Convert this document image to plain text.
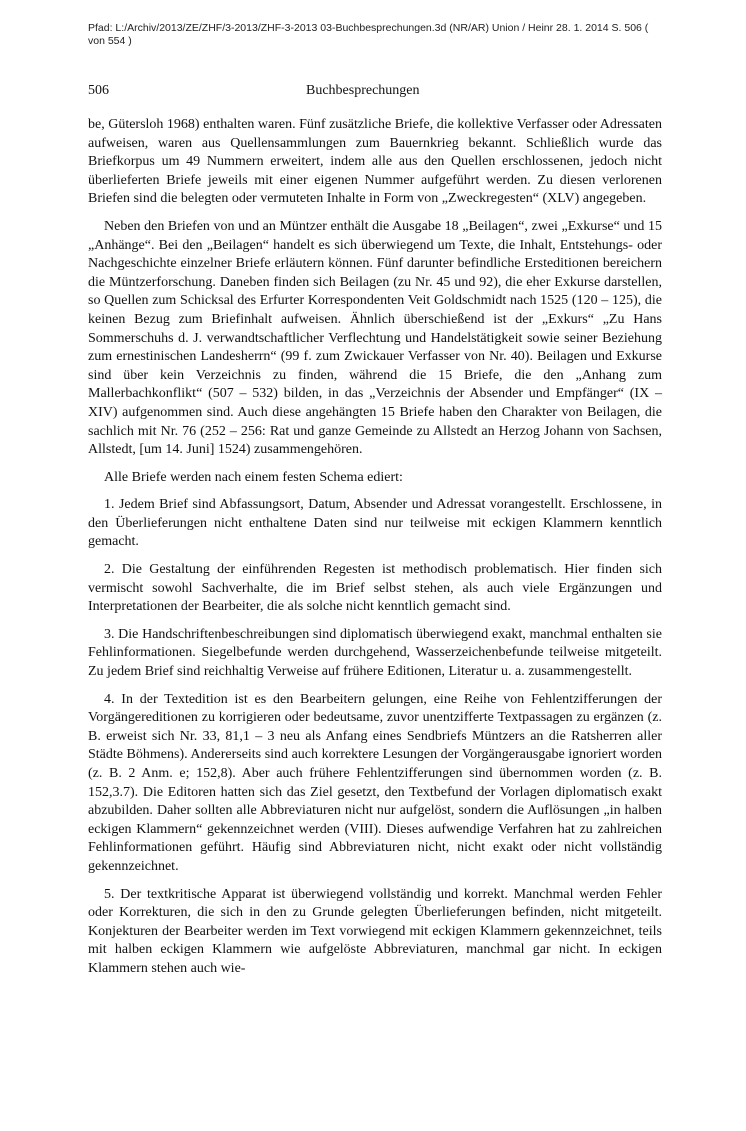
Pfad: L:/Archiv/2013/ZE/ZHF/3-2013/ZHF-3-2013 03-Buchbesprechungen.3d (NR/AR) Union / Heinr 28. 1. 2014 S. 506 ( von 554 )
506	Buchbesprechungen

be, Gütersloh 1968) enthalten waren. Fünf zusätzliche Briefe, die kollektive Verfasser oder Adressaten aufweisen, waren aus Quellensammlungen zum Bauernkrieg bekannt. Schließlich wurde das Briefkorpus um 49 Nummern erweitert, indem alle aus den Quellen erschlossenen, jedoch nicht überlieferten Briefe jeweils mit einer eigenen Nummer aufgeführt werden. Zu diesen verlorenen Briefen sind die belegten oder vermuteten Inhalte in Form von „Zweckregesten“ (XLV) angegeben.

Neben den Briefen von und an Müntzer enthält die Ausgabe 18 „Beilagen“, zwei „Exkurse“ und 15 „Anhänge“. Bei den „Beilagen“ handelt es sich überwiegend um Texte, die Inhalt, Entstehungs- oder Nachgeschichte einzelner Briefe erläutern können. Fünf darunter befindliche Ersteditionen bereichern die Müntzerforschung. Daneben finden sich Beilagen (zu Nr. 45 und 92), die eher Exkurse darstellen, so Quellen zum Schicksal des Erfurter Korrespondenten Veit Goldschmidt nach 1525 (120 – 125), die keinen Bezug zum Briefinhalt aufweisen. Ähnlich überschießend ist der „Exkurs“ „Zu Hans Sommerschuhs d. J. verwandtschaftlicher Verflechtung und Handelstätigkeit sowie seiner Beziehung zum ernestinischen Landesherrn“ (99 f. zum Zwickauer Verfasser von Nr. 40). Beilagen und Exkurse sind über kein Verzeichnis zu finden, während die 15 Briefe, die den „Anhang zum Mallerbachkonflikt“ (507 – 532) bilden, in das „Verzeichnis der Absender und Empfänger“ (IX – XIV) aufgenommen sind. Auch diese angehängten 15 Briefe haben den Charakter von Beilagen, die sachlich mit Nr. 76 (252 – 256: Rat und ganze Gemeinde zu Allstedt an Herzog Johann von Sachsen, Allstedt, [um 14. Juni] 1524) zusammengehören.

Alle Briefe werden nach einem festen Schema ediert:

1. Jedem Brief sind Abfassungsort, Datum, Absender und Adressat vorangestellt. Erschlossene, in den Überlieferungen nicht enthaltene Daten sind nur teilweise mit eckigen Klammern kenntlich gemacht.

2. Die Gestaltung der einführenden Regesten ist methodisch problematisch. Hier finden sich vermischt sowohl Sachverhalte, die im Brief selbst stehen, als auch viele Ergänzungen und Interpretationen der Bearbeiter, die als solche nicht kenntlich gemacht sind.

3. Die Handschriftenbeschreibungen sind diplomatisch überwiegend exakt, manchmal enthalten sie Fehlinformationen. Siegelbefunde werden durchgehend, Wasserzeichenbefunde teilweise mitgeteilt. Zu jedem Brief sind reichhaltig Verweise auf frühere Editionen, Literatur u. a. zusammengestellt.

4. In der Textedition ist es den Bearbeitern gelungen, eine Reihe von Fehlentzifferungen der Vorgängereditionen zu korrigieren oder bedeutsame, zuvor unentzifferte Textpassagen zu ergänzen (z. B. erweist sich Nr. 33, 81,1 – 3 neu als Anfang eines Sendbriefs Müntzers an die Ratsherren aller Städte Böhmens). Andererseits sind auch korrektere Lesungen der Vorgängerausgabe ignoriert worden (z. B. 2 Anm. e; 152,8). Aber auch frühere Fehlentzifferungen sind übernommen worden (z. B. 152,3.7). Die Editoren hatten sich das Ziel gesetzt, den Textbefund der Vorlagen diplomatisch exakt abzubilden. Daher sollten alle Abbreviaturen nicht nur aufgelöst, sondern die Auflösungen „in halben eckigen Klammern“ gekennzeichnet werden (VIII). Dieses aufwendige Verfahren hat zu zahlreichen Fehlinformationen geführt. Häufig sind Abbreviaturen nicht, nicht exakt oder nicht vollständig gekennzeichnet.

5. Der textkritische Apparat ist überwiegend vollständig und korrekt. Manchmal werden Fehler oder Korrekturen, die sich in den zu Grunde gelegten Überlieferungen befinden, nicht mitgeteilt. Konjekturen der Bearbeiter werden im Text vorwiegend mit eckigen Klammern gekennzeichnet, teils mit halben eckigen Klammern wie aufgelöste Abbreviaturen, manchmal gar nicht. In eckigen Klammern stehen auch wie-
